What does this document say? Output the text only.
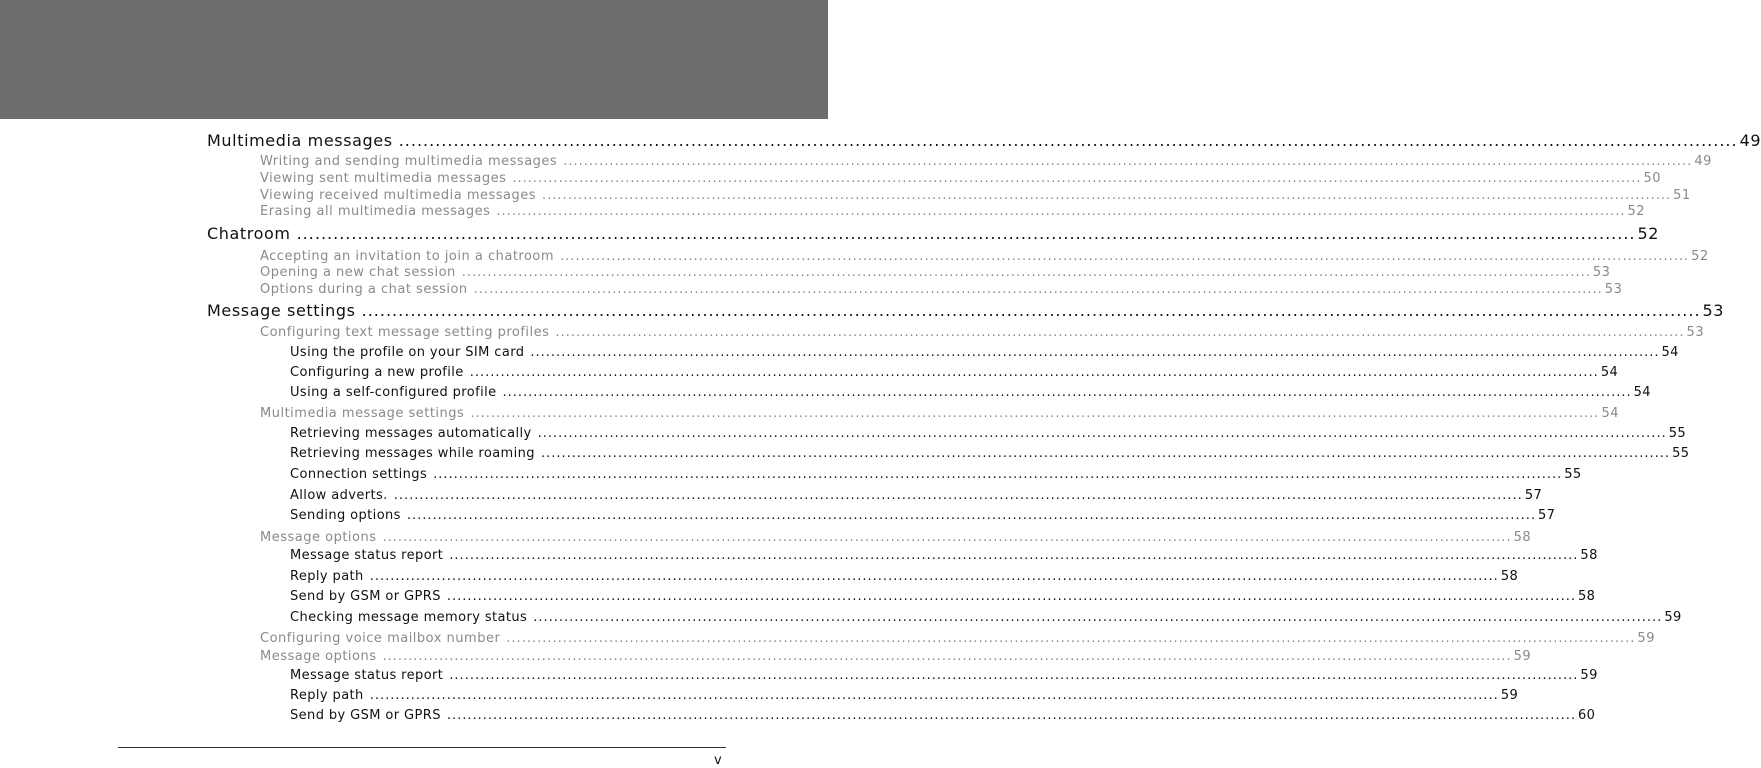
Multimedia messages ............................................................................................................................................................................................................................ 49
Writing and sending multimedia messages ............................................................................................................................................................................................................................ 49
Viewing sent multimedia messages ............................................................................................................................................................................................................................ 50
Viewing received multimedia messages ............................................................................................................................................................................................................................ 51
Erasing all multimedia messages ............................................................................................................................................................................................................................ 52
Chatroom ............................................................................................................................................................................................................................ 52
Accepting an invitation to join a chatroom ............................................................................................................................................................................................................................ 52
Opening a new chat session ............................................................................................................................................................................................................................ 53
Options during a chat session ............................................................................................................................................................................................................................ 53
Message settings ............................................................................................................................................................................................................................ 53
Configuring text message setting profiles ............................................................................................................................................................................................................................ 53
Using the profile on your SIM card ............................................................................................................................................................................................................................ 54
Configuring a new profile ............................................................................................................................................................................................................................ 54
Using a self-configured profile ............................................................................................................................................................................................................................ 54
Multimedia message settings ............................................................................................................................................................................................................................ 54
Retrieving messages automatically ............................................................................................................................................................................................................................ 55
Retrieving messages while roaming ............................................................................................................................................................................................................................ 55
Connection settings ............................................................................................................................................................................................................................ 55
Allow adverts. ............................................................................................................................................................................................................................ 57
Sending options ............................................................................................................................................................................................................................ 57
Message options ............................................................................................................................................................................................................................ 58
Message status report ............................................................................................................................................................................................................................ 58
Reply path ............................................................................................................................................................................................................................ 58
Send by GSM or GPRS ............................................................................................................................................................................................................................ 58
Checking message memory status ............................................................................................................................................................................................................................ 59
Configuring voice mailbox number ............................................................................................................................................................................................................................ 59
Message options ............................................................................................................................................................................................................................ 59
Message status report ............................................................................................................................................................................................................................ 59
Reply path ............................................................................................................................................................................................................................ 59
Send by GSM or GPRS ............................................................................................................................................................................................................................ 60
v
